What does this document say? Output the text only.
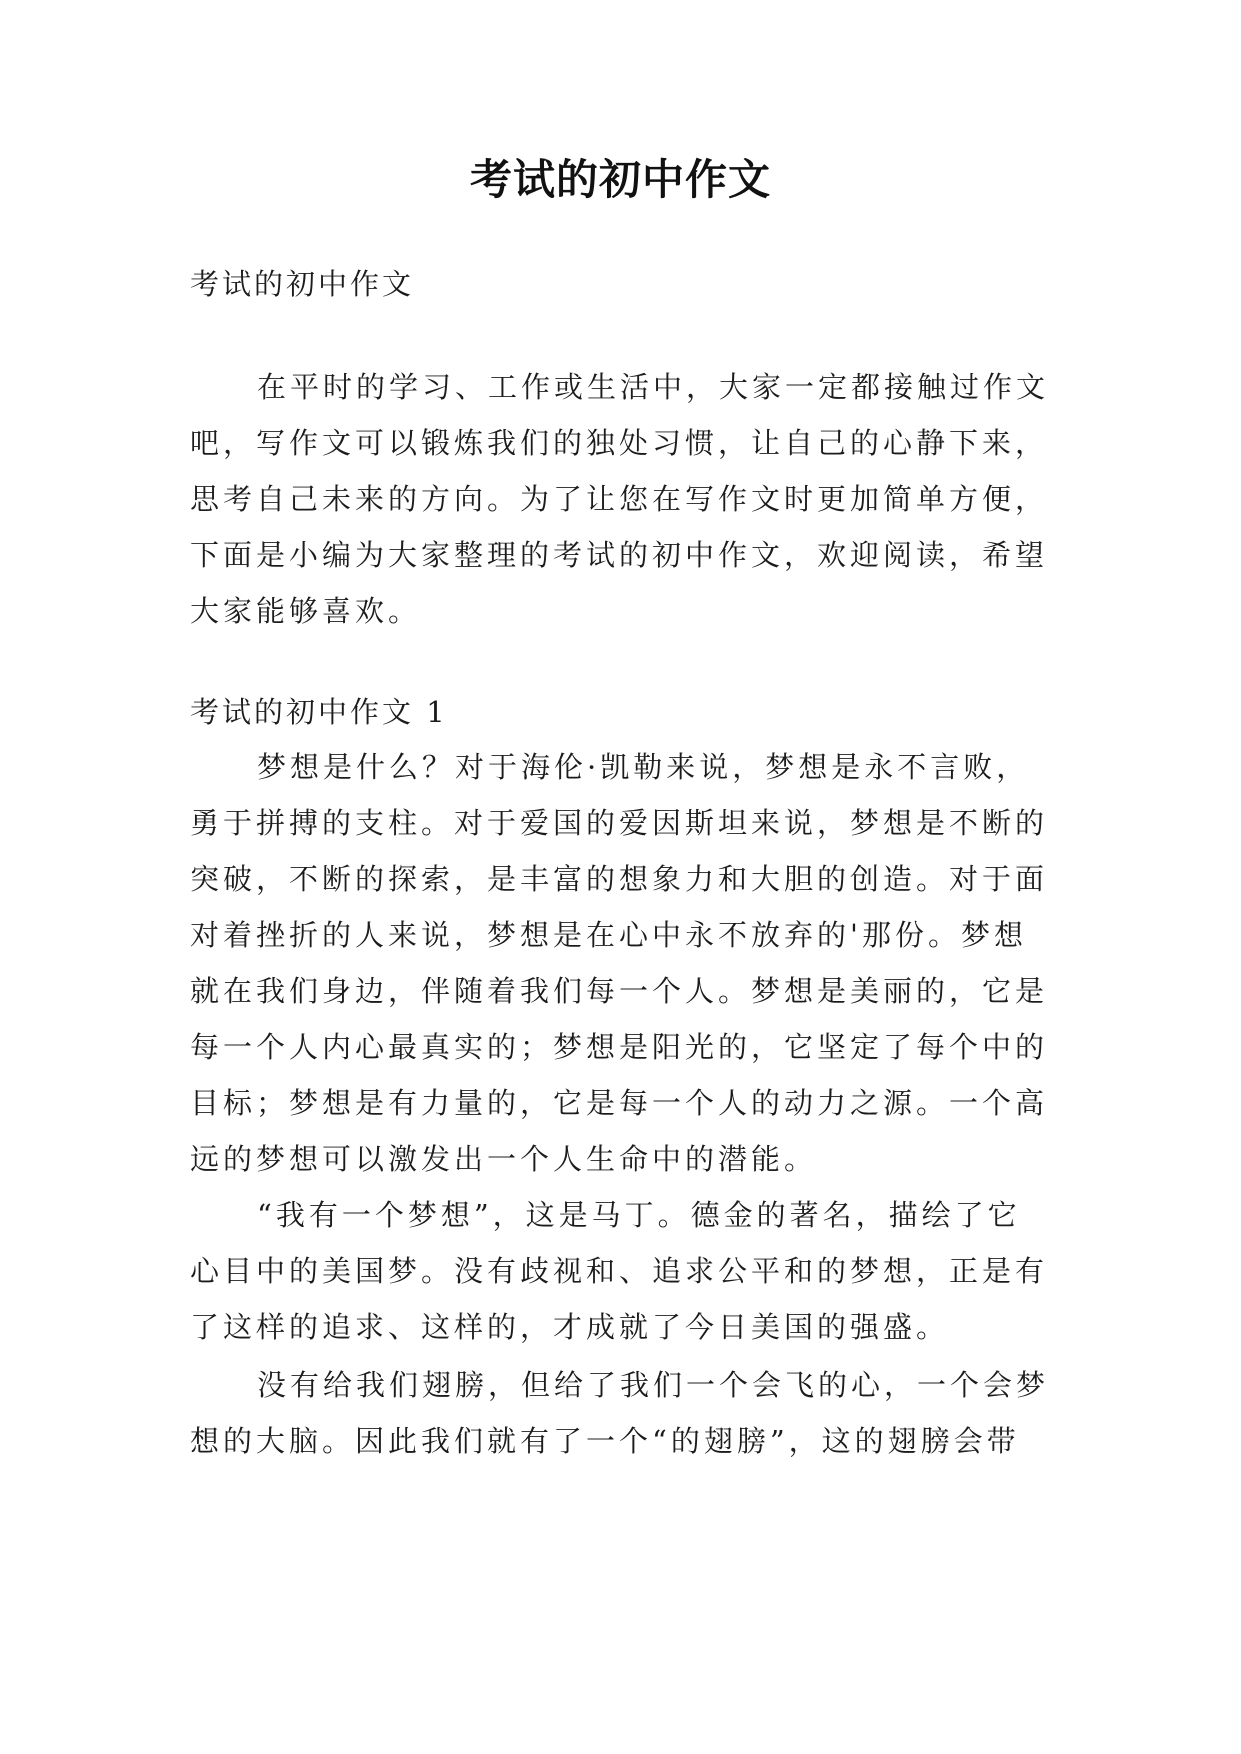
考试的初中作文
考试的初中作文
在平时的学习、工作或生活中，大家一定都接触过作文
吧，写作文可以锻炼我们的独处习惯，让自己的心静下来，
思考自己未来的方向。为了让您在写作文时更加简单方便，
下面是小编为大家整理的考试的初中作文，欢迎阅读，希望
大家能够喜欢。
考试的初中作文 1
梦想是什么？对于海伦·凯勒来说，梦想是永不言败，
勇于拼搏的支柱。对于爱国的爱因斯坦来说，梦想是不断的
突破，不断的探索，是丰富的想象力和大胆的创造。对于面
对着挫折的人来说，梦想是在心中永不放弃的'那份。梦想
就在我们身边，伴随着我们每一个人。梦想是美丽的，它是
每一个人内心最真实的；梦想是阳光的，它坚定了每个中的
目标；梦想是有力量的，它是每一个人的动力之源。一个高
远的梦想可以激发出一个人生命中的潜能。
“我有一个梦想”，这是马丁。德金的著名，描绘了它
心目中的美国梦。没有歧视和、追求公平和的梦想，正是有
了这样的追求、这样的，才成就了今日美国的强盛。
没有给我们翅膀，但给了我们一个会飞的心，一个会梦
想的大脑。因此我们就有了一个“的翅膀”，这的翅膀会带
